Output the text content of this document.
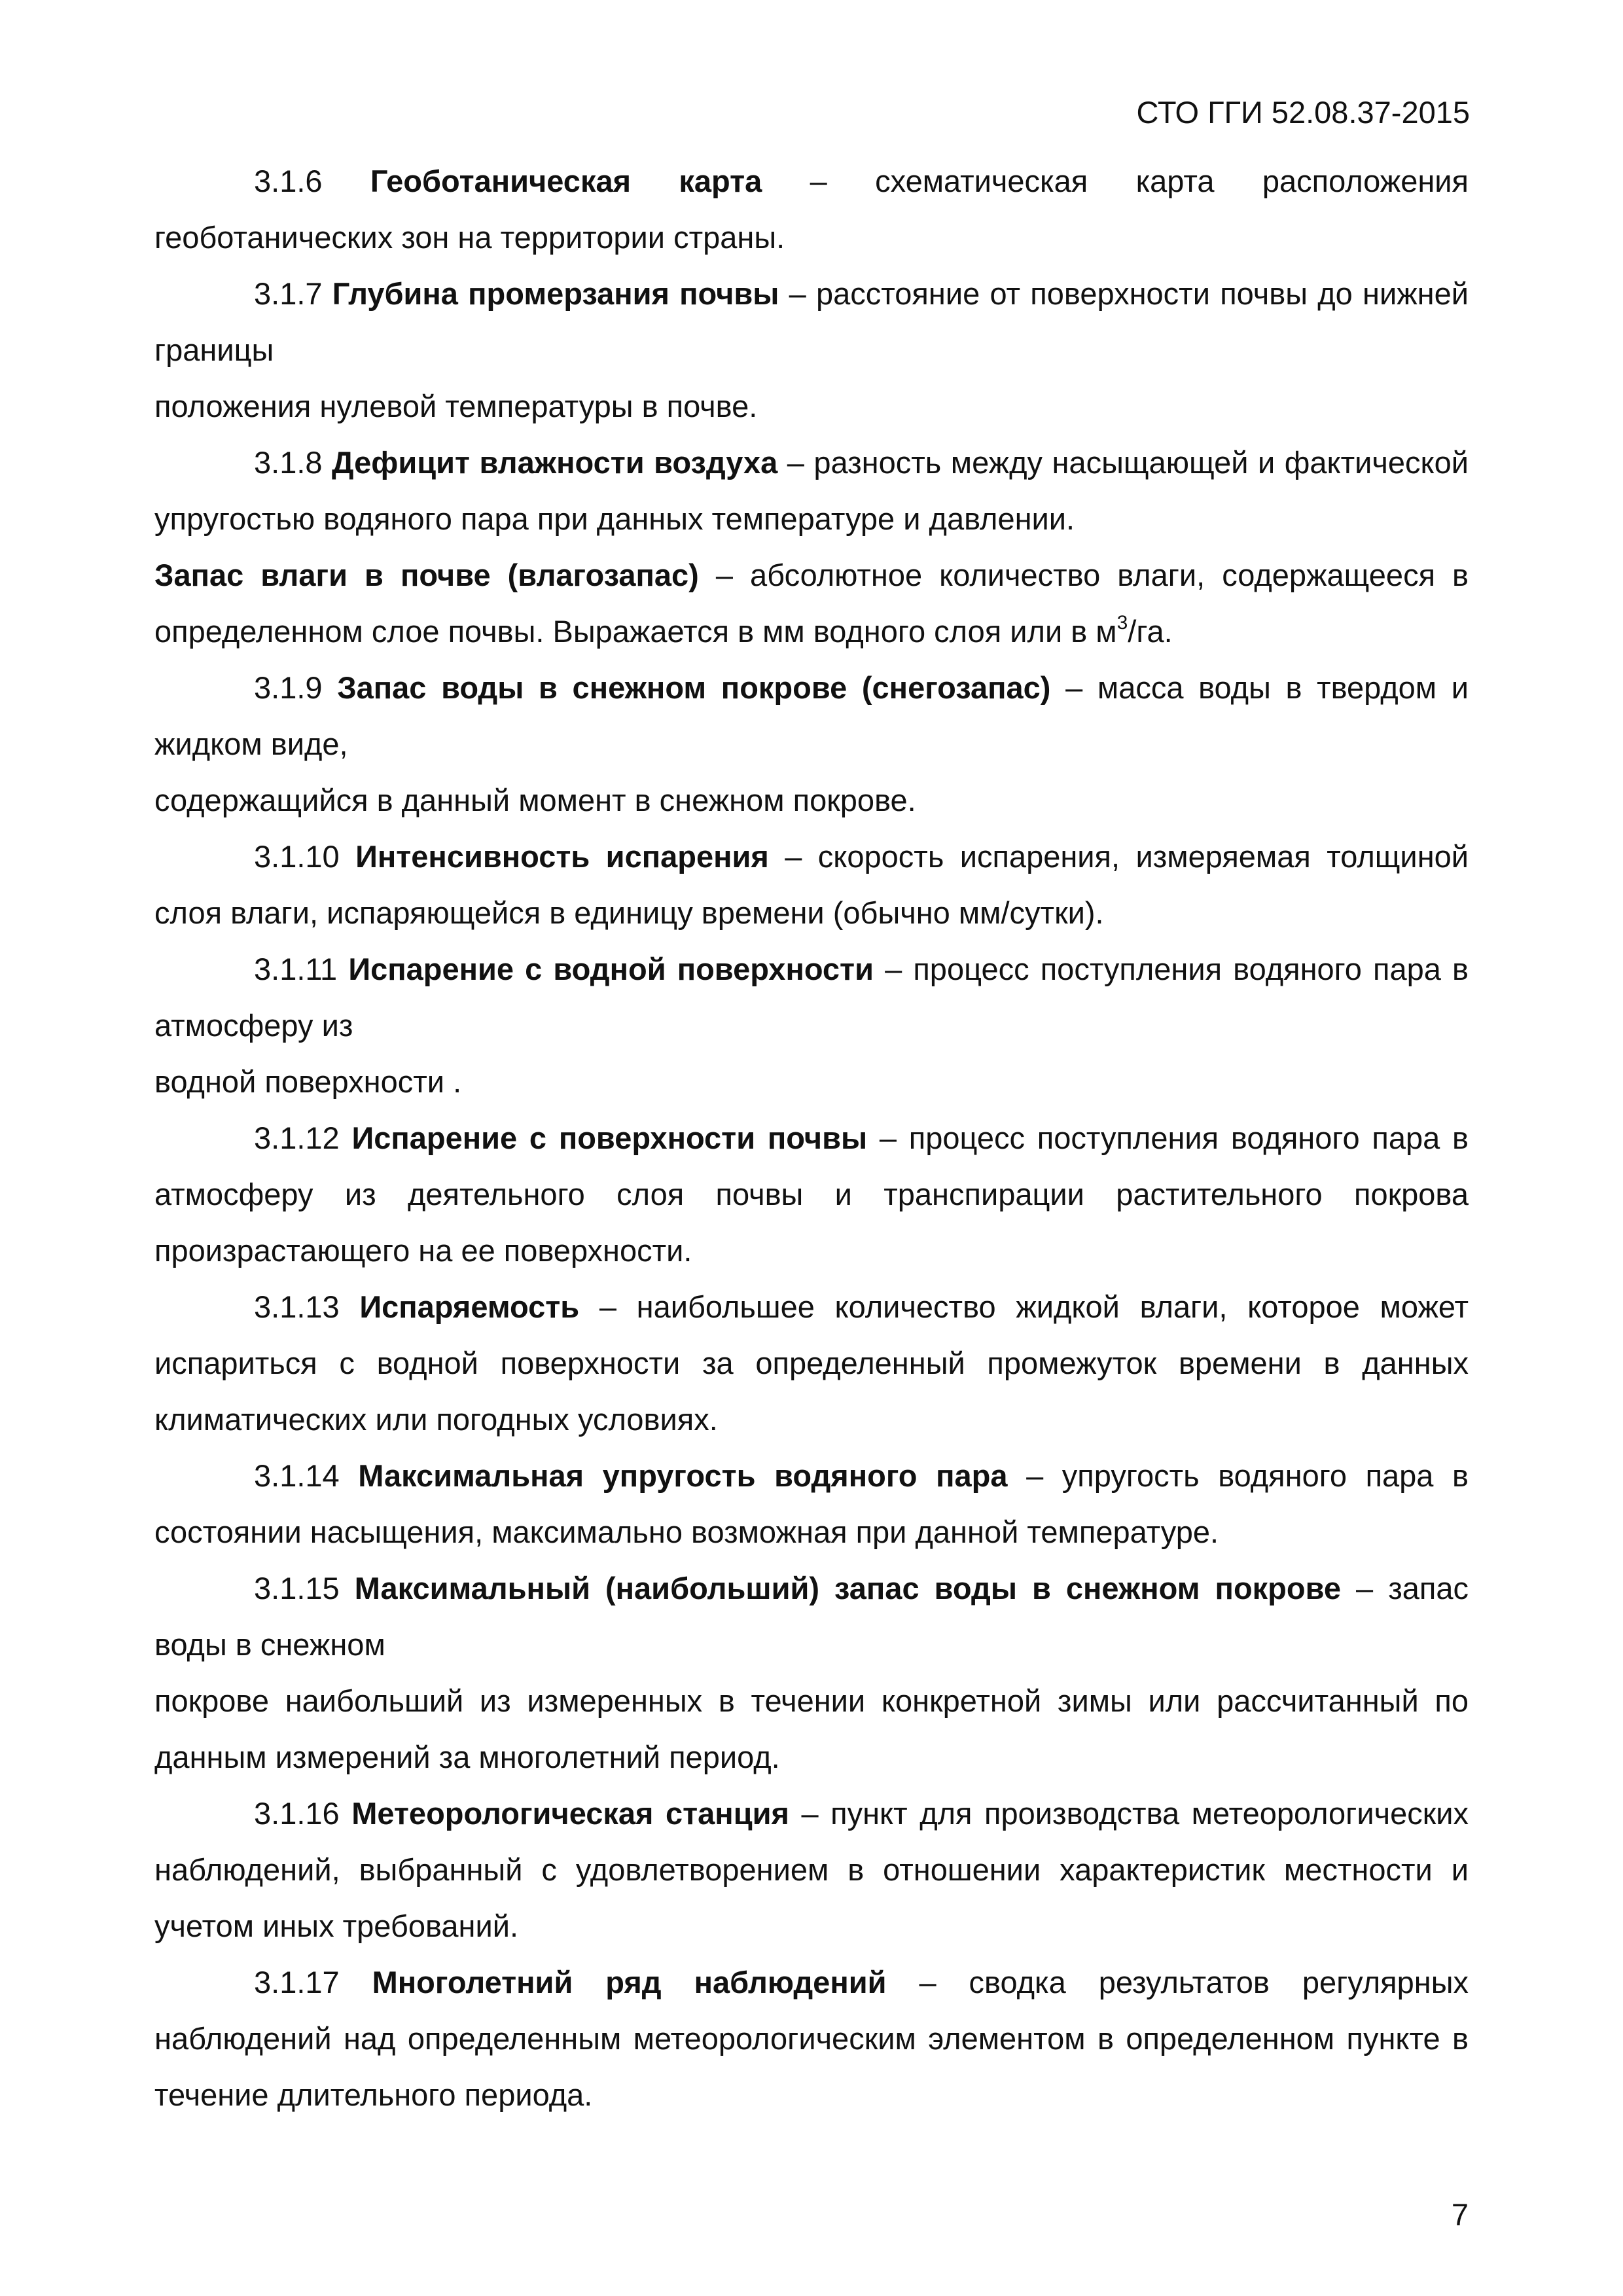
СТО ГГИ 52.08.37-2015

3.1.6 Геоботаническая карта – схематическая карта расположения геоботанических зон на территории страны.

3.1.7 Глубина промерзания почвы – расстояние от поверхности почвы до нижней границы

положения нулевой температуры в почве.

3.1.8 Дефицит влажности воздуха – разность между насыщающей и фактической упругостью водяного пара при данных температуре и давлении.

Запас влаги в почве (влагозапас) – абсолютное количество влаги, содержащееся в определенном слое почвы. Выражается в мм водного слоя или в $м^3/га$.

3.1.9 Запас воды в снежном покрове (снегозапас) – масса воды в твердом и жидком виде,

содержащийся в данный момент в снежном покрове.

3.1.10 Интенсивность испарения – скорость испарения, измеряемая толщиной слоя влаги, испаряющейся в единицу времени (обычно мм/сутки).

3.1.11 Испарение с водной поверхности – процесс поступления водяного пара в атмосферу из

водной поверхности .

3.1.12 Испарение с поверхности почвы – процесс поступления водяного пара в атмосферу из деятельного слоя почвы и транспирации растительного покрова произрастающего на ее поверхности.

3.1.13 Испаряемость – наибольшее количество жидкой влаги, которое может испариться с водной поверхности за определенный промежуток времени в данных климатических или погодных условиях.

3.1.14 Максимальная упругость водяного пара – упругость водяного пара в состоянии насыщения, максимально возможная при данной температуре.

3.1.15 Максимальный (наибольший) запас воды в снежном покрове – запас воды в снежном

покрове наибольший из измеренных в течении конкретной зимы или рассчитанный по данным измерений за многолетний период.

3.1.16 Метеорологическая станция – пункт для производства метеорологических наблюдений, выбранный с удовлетворением в отношении характеристик местности и учетом иных требований.

3.1.17 Многолетний ряд наблюдений – сводка результатов регулярных наблюдений над определенным метеорологическим элементом в определенном пункте в течение длительного периода.

7
